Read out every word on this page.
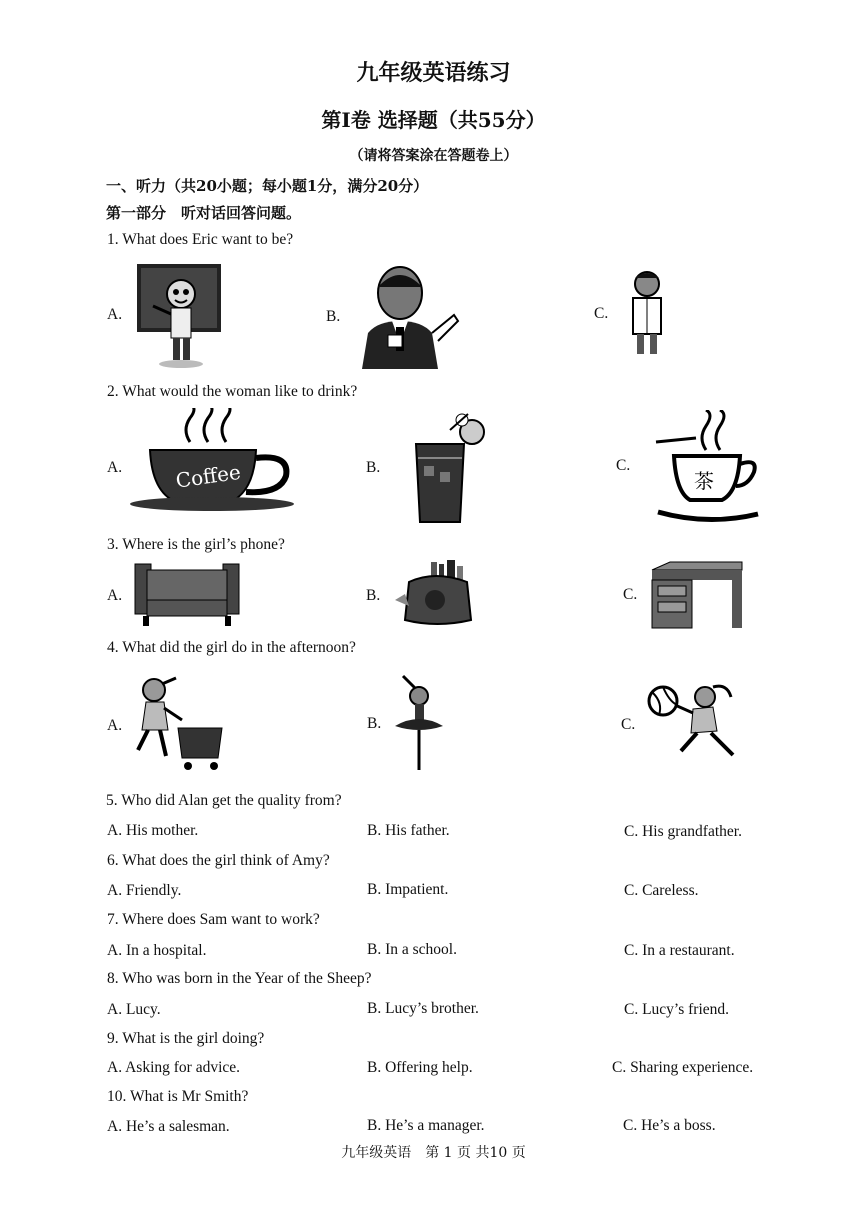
九年级英语练习
第Ⅰ卷 选择题（共55分）
（请将答案涂在答题卷上）
一、听力（共20小题；每小题1分，满分20分）
第一部分　听对话回答问题。
1. What does Eric want to be?
A.	B.	C.
2. What would the woman like to drink?
A.	B.	C.
Coffee	茶
3. Where is the girl’s phone?
A.	B.	C.
4. What did the girl do in the afternoon?
A.	B.	C.
5. Who did Alan get the quality from?
A. His mother.	B. His father.	C. His grandfather.
6. What does the girl think of Amy?
A. Friendly.	B. Impatient.	C. Careless.
7. Where does Sam want to work?
A. In a hospital.	B. In a school.	C. In a restaurant.
8. Who was born in the Year of the Sheep?
A. Lucy.	B. Lucy’s brother.	C. Lucy’s friend.
9. What is the girl doing?
A. Asking for advice.	B. Offering help.	C. Sharing experience.
10. What is Mr Smith?
A. He’s a salesman.	B. He’s a manager.	C. He’s a boss.
九年级英语　第 1 页 共10 页
